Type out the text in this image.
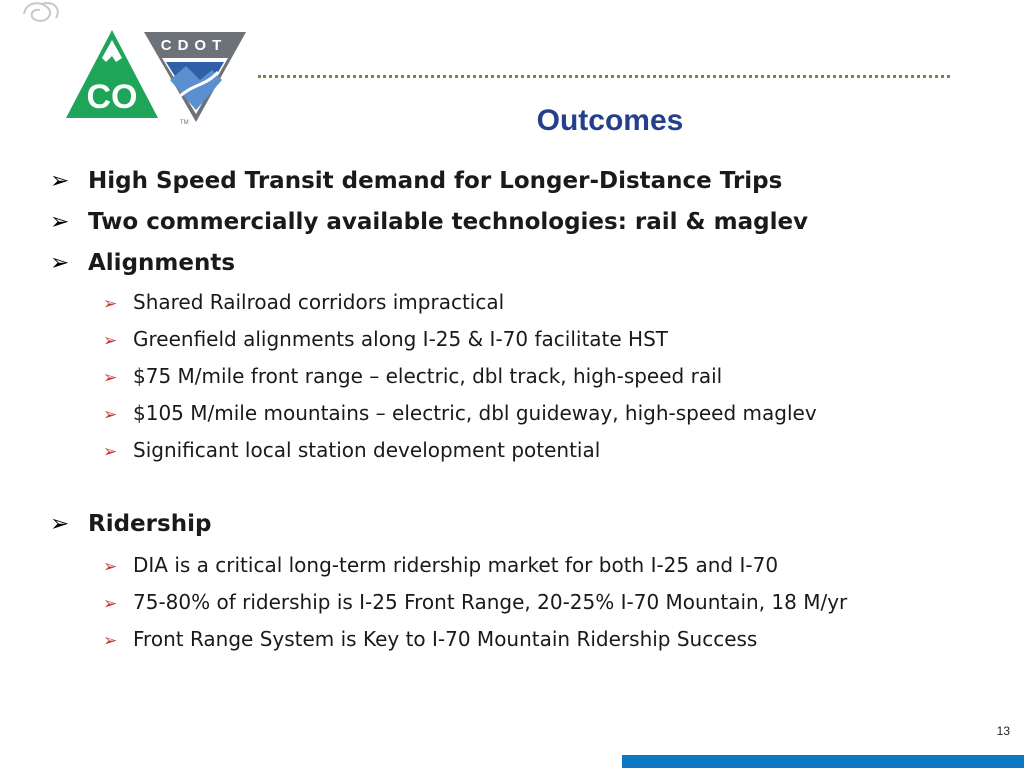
CDOT
CO
TM	Outcomes
➢ High Speed Transit demand for Longer-Distance Trips
➢ Two commercially available technologies: rail & maglev
➢ Alignments
➢ Shared Railroad corridors impractical
➢ Greenfield alignments along I-25 & I-70 facilitate HST
➢ $75 M/mile front range – electric, dbl track, high-speed rail
➢ $105 M/mile mountains – electric, dbl guideway, high-speed maglev
➢ Significant local station development potential
➢ Ridership
➢ DIA is a critical long-term ridership market for both I-25 and I-70
➢ 75-80% of ridership is I-25 Front Range, 20-25% I-70 Mountain, 18 M/yr
➢ Front Range System is Key to I-70 Mountain Ridership Success
13
